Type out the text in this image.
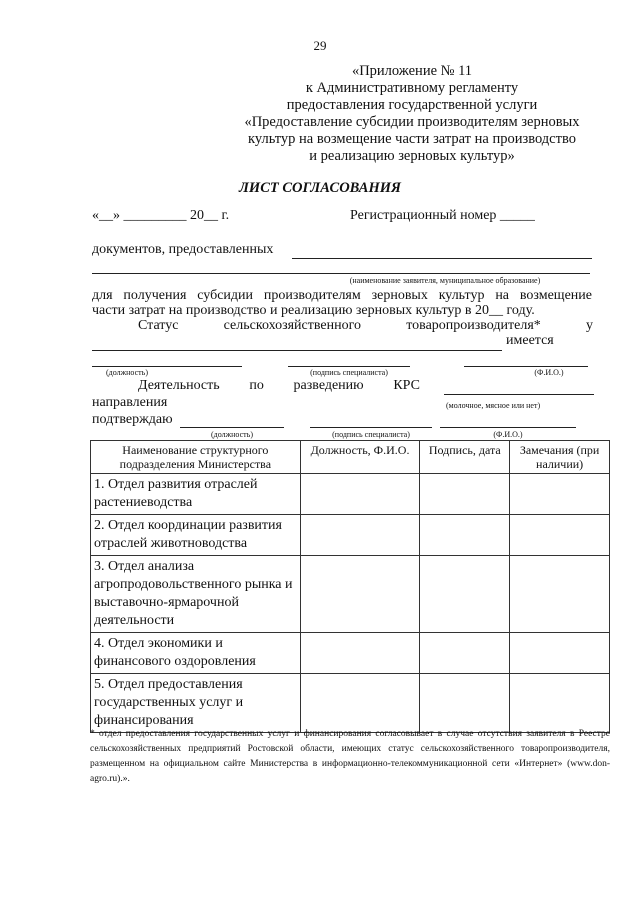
29
«Приложение № 11
к Административному регламенту
предоставления государственной услуги
«Предоставление субсидии производителям зерновых
культур на возмещение части затрат на производство
и реализацию зерновых культур»
ЛИСТ СОГЛАСОВАНИЯ
«__» _________ 20__ г.	Регистрационный номер _____
документов, предоставленных
(наименование заявителя, муниципальное образование)
для получения субсидии производителям зерновых культур на возмещение
части затрат на производство и реализацию зерновых культур в 20__ году.
Статус	сельскохозяйственного	товаропроизводителя*	у
имеется
(должность)	(подпись специалиста)	(Ф.И.О.)
Деятельность по разведению КРС
направления	(молочное, мясное или нет)
подтверждаю
(должность)	(подпись специалиста)	(Ф.И.О.)
Наименование структурного подразделения Министерства	Должность, Ф.И.О.	Подпись, дата	Замечания (при наличии)
1. Отдел развития отраслей растениеводства			
2. Отдел координации развития отраслей животноводства			
3. Отдел анализа агропродовольственного рынка и выставочно-ярмарочной деятельности			
4. Отдел экономики и финансового оздоровления			
5. Отдел предоставления государственных услуг и финансирования			
* отдел предоставления государственных услуг и финансирования согласовывает в случае отсутствия заявителя в Реестре сельскохозяйственных предприятий Ростовской области, имеющих статус сельскохозяйственного товаропроизводителя, размещенном на официальном сайте Министерства в информационно-телекоммуникационной сети «Интернет» (www.don-agro.ru).».
